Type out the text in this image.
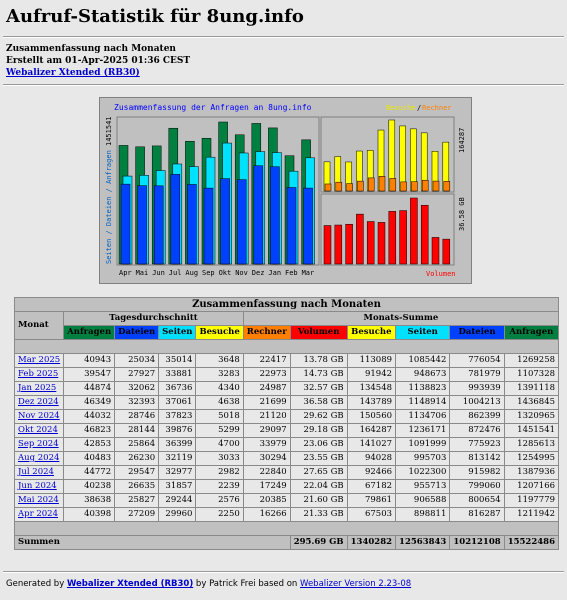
Aufruf-Statistik für 8ung.info
Zusammenfassung nach Monaten
Erstellt am 01-Apr-2025 01:36 CEST
Webalizer Xtended (RB30)
Zusammenfassung der Anfragen an 8ung.info	Besuche / Rechner
1451541
Seiten / Dateien / Anfragen
164287
36.58 GB
Volumen
Apr Mai Jun Jul Aug Sep Okt Nov Dez Jan Feb Mar
Zusammenfassung nach Monaten										
Monat	Tagesdurchschnitt				Monats-Summe					
	Anfragen	Dateien	Seiten	Besuche	Rechner	Volumen	Besuche	Seiten	Dateien	Anfragen

Mar 2025	40943	25034	35014	3648	22417	13.78 GB	113089	1085442	776054	1269258
Feb 2025	39547	27927	33881	3283	22973	14.73 GB	91942	948673	781979	1107328
Jan 2025	44874	32062	36736	4340	24987	32.57 GB	134548	1138823	993939	1391118
Dez 2024	46349	32393	37061	4638	21699	36.58 GB	143789	1148914	1004213	1436845
Nov 2024	44032	28746	37823	5018	21120	29.62 GB	150560	1134706	862399	1320965
Okt 2024	46823	28144	39876	5299	29097	29.18 GB	164287	1236171	872476	1451541
Sep 2024	42853	25864	36399	4700	33979	23.06 GB	141027	1091999	775923	1285613
Aug 2024	40483	26230	32119	3033	30294	23.55 GB	94028	995703	813142	1254995
Jul 2024	44772	29547	32977	2982	22840	27.65 GB	92466	1022300	915982	1387936
Jun 2024	40238	26635	31857	2239	17249	22.04 GB	67182	955713	799060	1207166
Mai 2024	38638	25827	29244	2576	20385	21.60 GB	79861	906588	800654	1197779
Apr 2024	40398	27209	29960	2250	16266	21.33 GB	67503	898811	816287	1211942

Summen						295.69 GB	1340282	12563843	10212108	15522486
Generated by Webalizer Xtended (RB30) by Patrick Frei based on Webalizer Version 2.23-08
